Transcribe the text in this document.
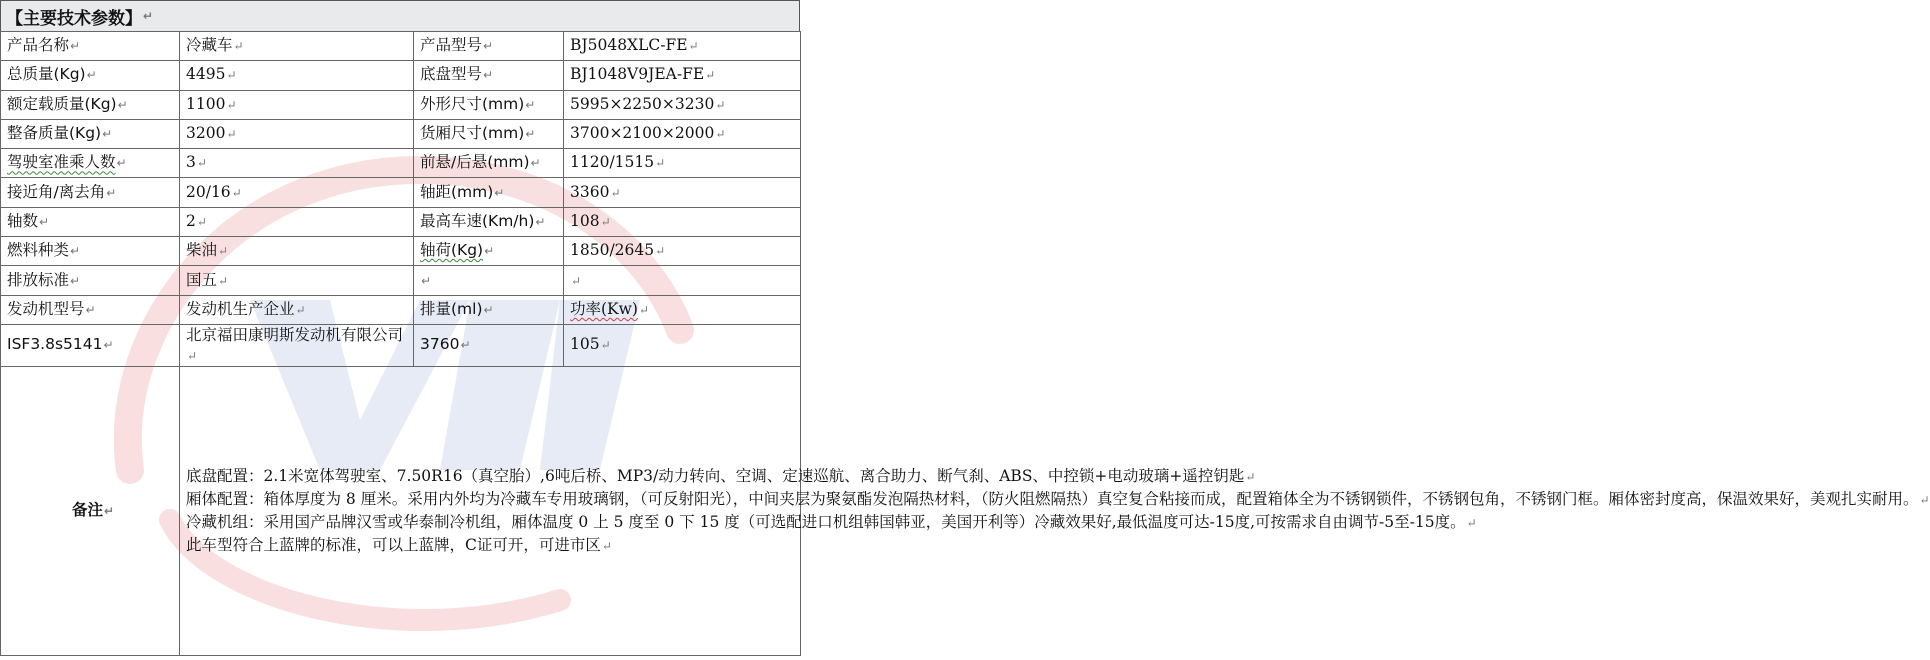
【主要技术参数】 ↵
产品名称↵	冷藏车↵	产品型号↵	BJ5048XLC-FE↵
总质量(Kg)↵	4495↵	底盘型号↵	BJ1048V9JEA-FE↵
额定载质量(Kg)↵	1100↵	外形尺寸(mm)↵	5995×2250×3230↵
整备质量(Kg)↵	3200↵	货厢尺寸(mm)↵	3700×2100×2000↵
驾驶室准乘人数↵	3↵	前悬/后悬(mm)↵	1120/1515↵
接近角/离去角↵	20/16↵	轴距(mm)↵	3360↵
轴数↵	2↵	最高车速(Km/h)↵	108↵
燃料种类↵	柴油↵	轴荷(Kg)↵	1850/2645↵
排放标准↵	国五↵	↵	↵
发动机型号↵	发动机生产企业↵	排量(ml)↵	功率(Kw)↵
ISF3.8s5141↵	北京福田康明斯发动机有限公司↵	3760↵	105↵
备注↵	底盘配置：2.1米宽体驾驶室、7.50R16（真空胎）,6吨后桥、MP3/动力转向、空调、定速巡航、离合助力、断气刹、ABS、中控锁+电动玻璃+遥控钥匙↵

厢体配置：箱体厚度为 8 厘米。采用内外均为冷藏车专用玻璃钢，（可反射阳光），中间夹层为聚氨酯发泡隔热材料，（防火阻燃隔热）真空复合粘接而成，配置箱体全为不锈钢锁件，不锈钢包角，不锈钢门框。厢体密封度高，保温效果好，美观扎实耐用。↵

冷藏机组：采用国产品牌汉雪或华泰制冷机组，厢体温度 0 上 5 度至 0 下 15 度（可选配进口机组韩国韩亚，美国开利等）冷藏效果好,最低温度可达-15度,可按需求自由调节-5至-15度。↵

此车型符合上蓝牌的标准，可以上蓝牌，C证可开，可进市区↵		
